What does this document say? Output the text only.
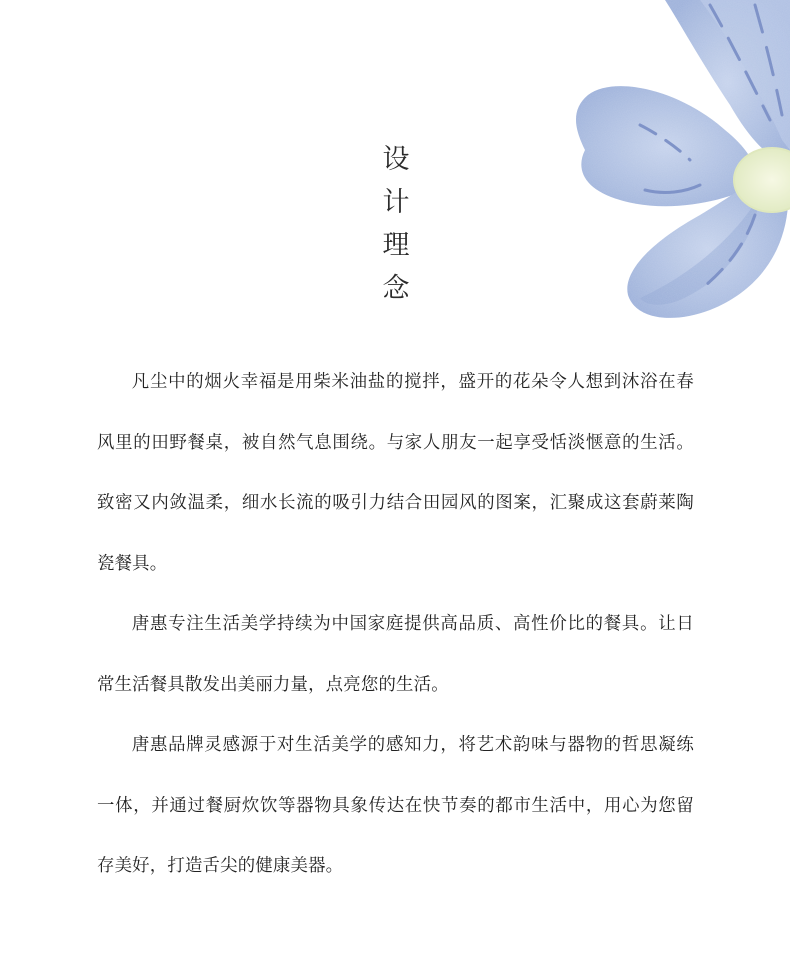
设
计
理
念

凡尘中的烟火幸福是用柴米油盐的搅拌，盛开的花朵令人想到沐浴在春风里的田野餐桌，被自然气息围绕。与家人朋友一起享受恬淡惬意的生活。致密又内敛温柔，细水长流的吸引力结合田园风的图案，汇聚成这套蔚莱陶瓷餐具。

唐惠专注生活美学持续为中国家庭提供高品质、高性价比的餐具。让日常生活餐具散发出美丽力量，点亮您的生活。

唐惠品牌灵感源于对生活美学的感知力，将艺术韵味与器物的哲思凝练一体，并通过餐厨炊饮等器物具象传达在快节奏的都市生活中，用心为您留存美好，打造舌尖的健康美器。
